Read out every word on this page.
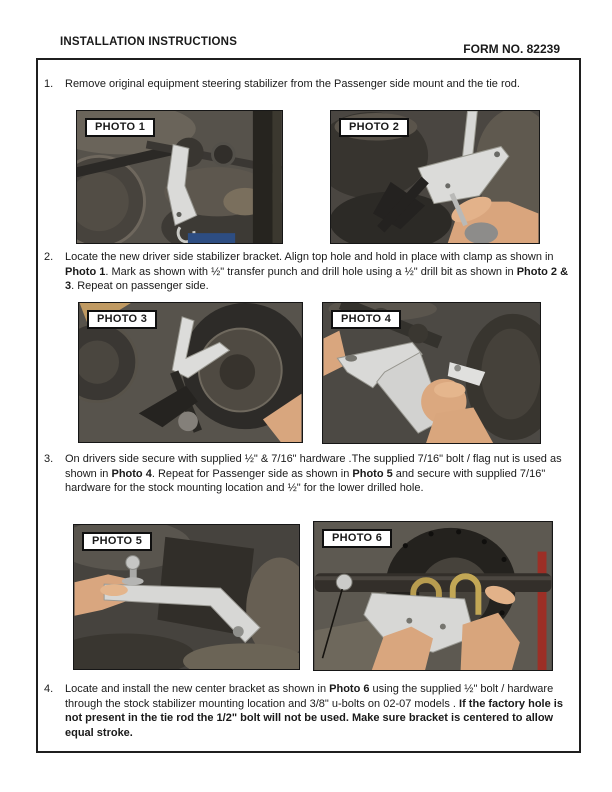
INSTALLATION INSTRUCTIONS	FORM NO. 82239
1.	Remove original equipment steering stabilizer from the Passenger side mount and the tie rod.
PHOTO 1	PHOTO 2
2.	Locate the new driver side stabilizer bracket. Align top hole and hold in place with clamp as shown in Photo 1. Mark as shown with ½" transfer punch and drill hole using a ½" drill bit as shown in Photo 2 & 3. Repeat on passenger side.
PHOTO 3	PHOTO 4
3.	On drivers side secure with supplied ½" & 7/16" hardware .The supplied 7/16" bolt / flag nut is used as shown in Photo 4. Repeat for Passenger side as shown in Photo 5 and secure with supplied 7/16" hardware for the stock mounting location and ½" for the lower drilled hole.
PHOTO 5	PHOTO 6
4.	Locate and install the new center bracket as shown in Photo 6 using the supplied ½" bolt / hardware through the stock stabilizer mounting location and 3/8" u-bolts on 02-07 models . If the factory hole is not present in the tie rod the 1/2" bolt will not be used. Make sure bracket is centered to allow equal stroke.
